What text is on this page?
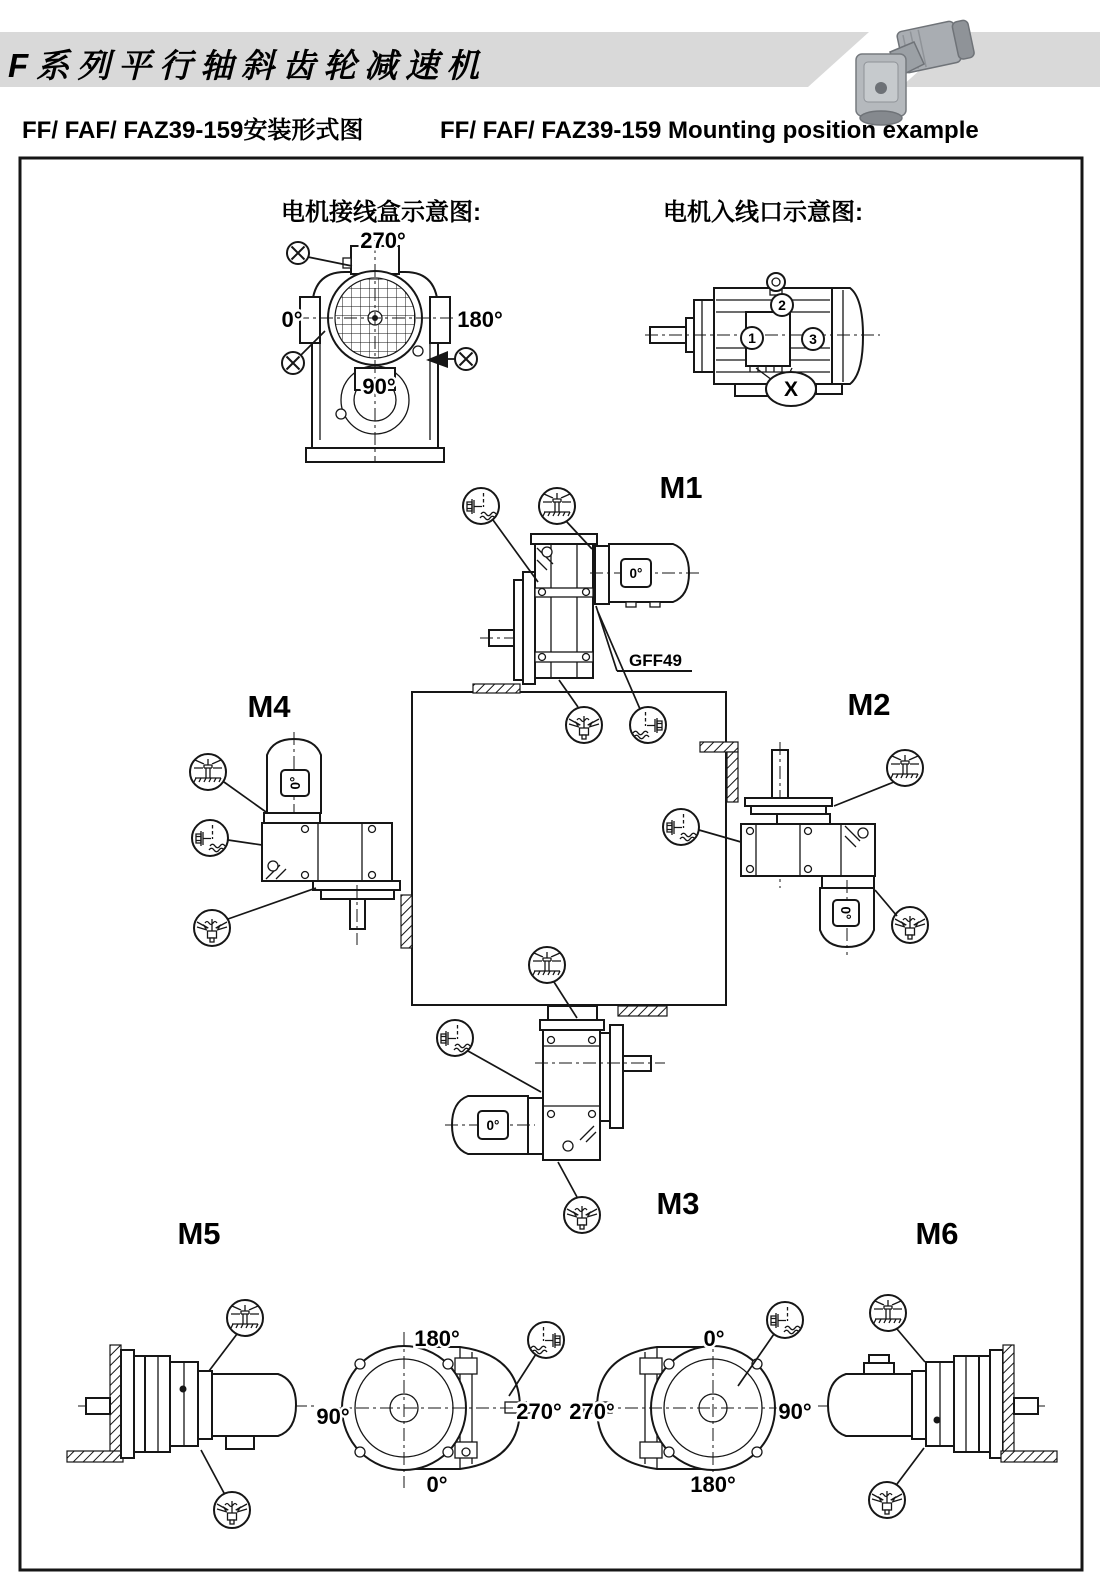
F系列平行轴斜齿轮减速机
FF/ FAF/ FAZ39-159安装形式图	FF/ FAF/ FAZ39-159 Mounting position example
电机接线盒示意图:
270°
0°	180°
90°
电机入线口示意图:
X
1
2
3
M1
0°
GFF49
M2
0°
M4
0°
M3
0°
M5
180°
90°	270°
0°
0°
270°	90°
180°
M6
